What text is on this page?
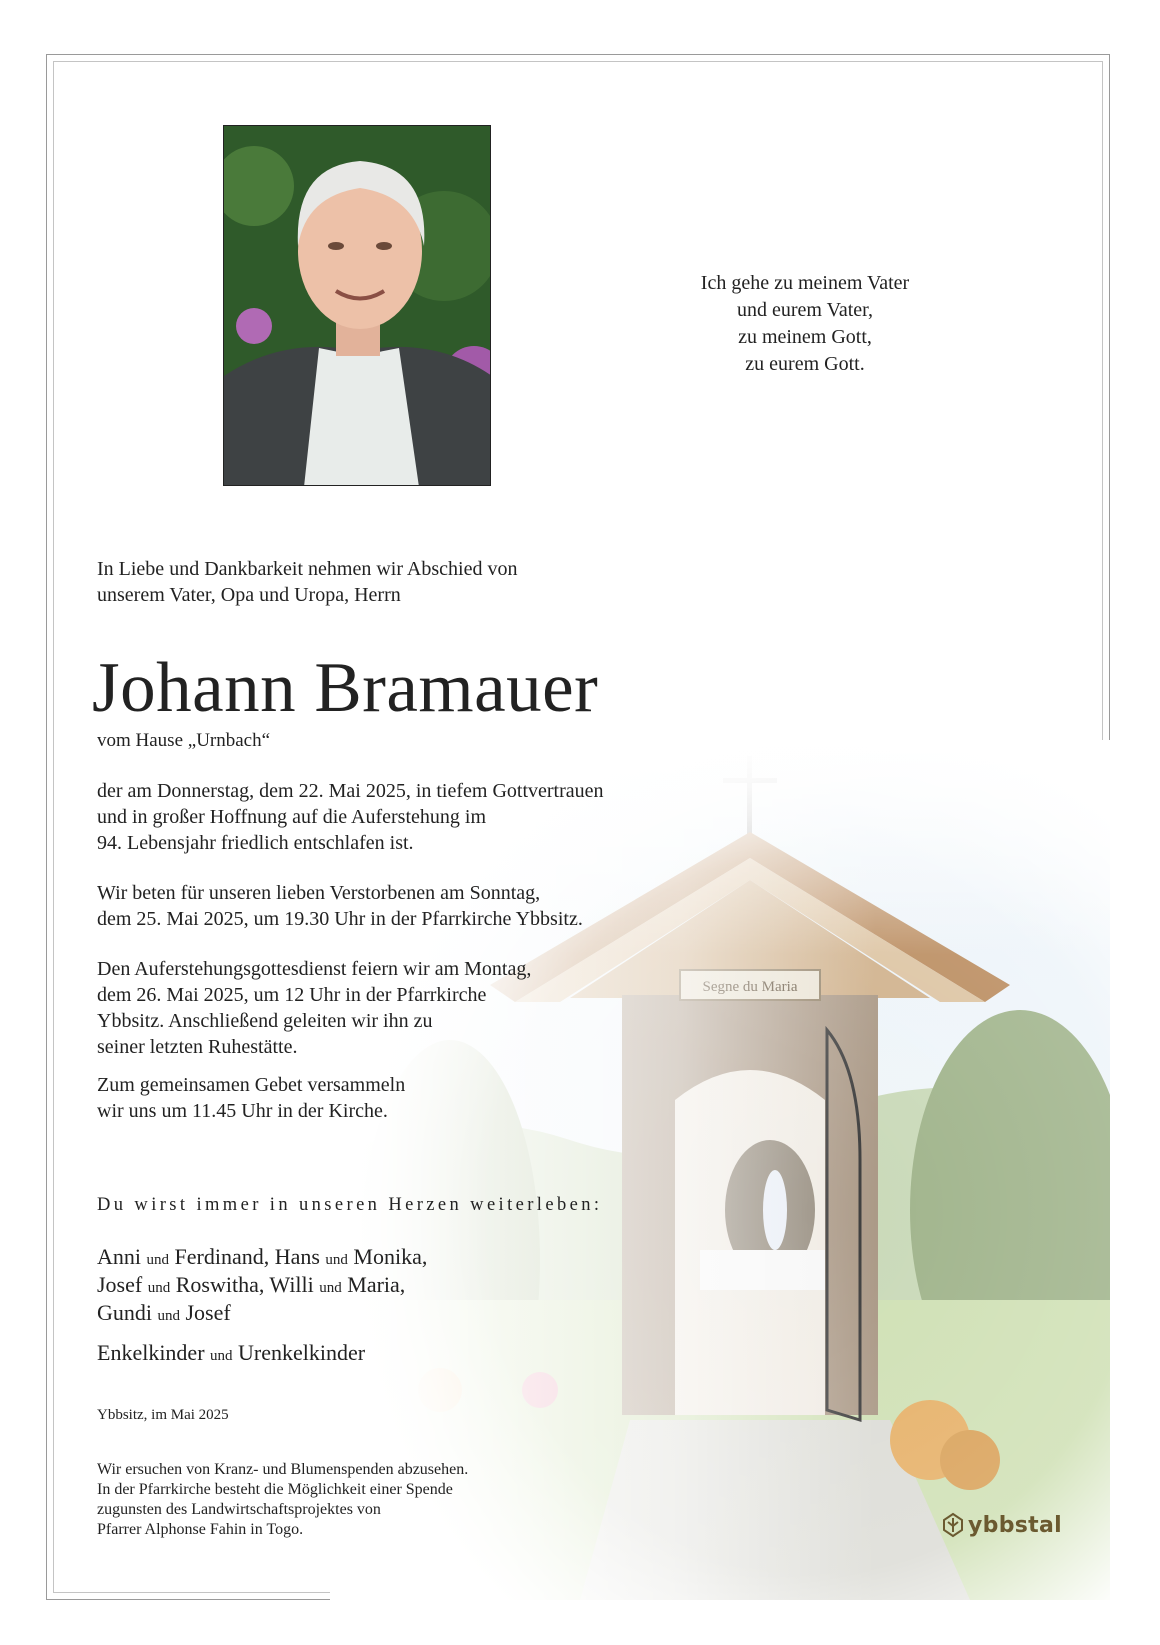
Ich gehe zu meinem Vater
und eurem Vater,
zu meinem Gott,
zu eurem Gott.
In Liebe und Dankbarkeit nehmen wir Abschied von
unserem Vater, Opa und Uropa, Herrn
Johann Bramauer
vom Hause „Urnbach“
der am Donnerstag, dem 22. Mai 2025, in tiefem Gottvertrauen
und in großer Hoffnung auf die Auferstehung im
94. Lebensjahr friedlich entschlafen ist.
Wir beten für unseren lieben Verstorbenen am Sonntag,
dem 25. Mai 2025, um 19.30 Uhr in der Pfarrkirche Ybbsitz.
Den Auferstehungsgottesdienst feiern wir am Montag,
dem 26. Mai 2025, um 12 Uhr in der Pfarrkirche
Ybbsitz. Anschließend geleiten wir ihn zu
seiner letzten Ruhestätte.
Zum gemeinsamen Gebet versammeln
wir uns um 11.45 Uhr in der Kirche.
Du wirst immer in unseren Herzen weiterleben:
Anni und Ferdinand, Hans und Monika,
Josef und Roswitha, Willi und Maria,
Gundi und Josef
Enkelkinder und Urenkelkinder
Ybbsitz, im Mai 2025
Wir ersuchen von Kranz- und Blumenspenden abzusehen.
In der Pfarrkirche besteht die Möglichkeit einer Spende
zugunsten des Landwirtschaftsprojektes von
Pfarrer Alphonse Fahin in Togo.	ybbstal
